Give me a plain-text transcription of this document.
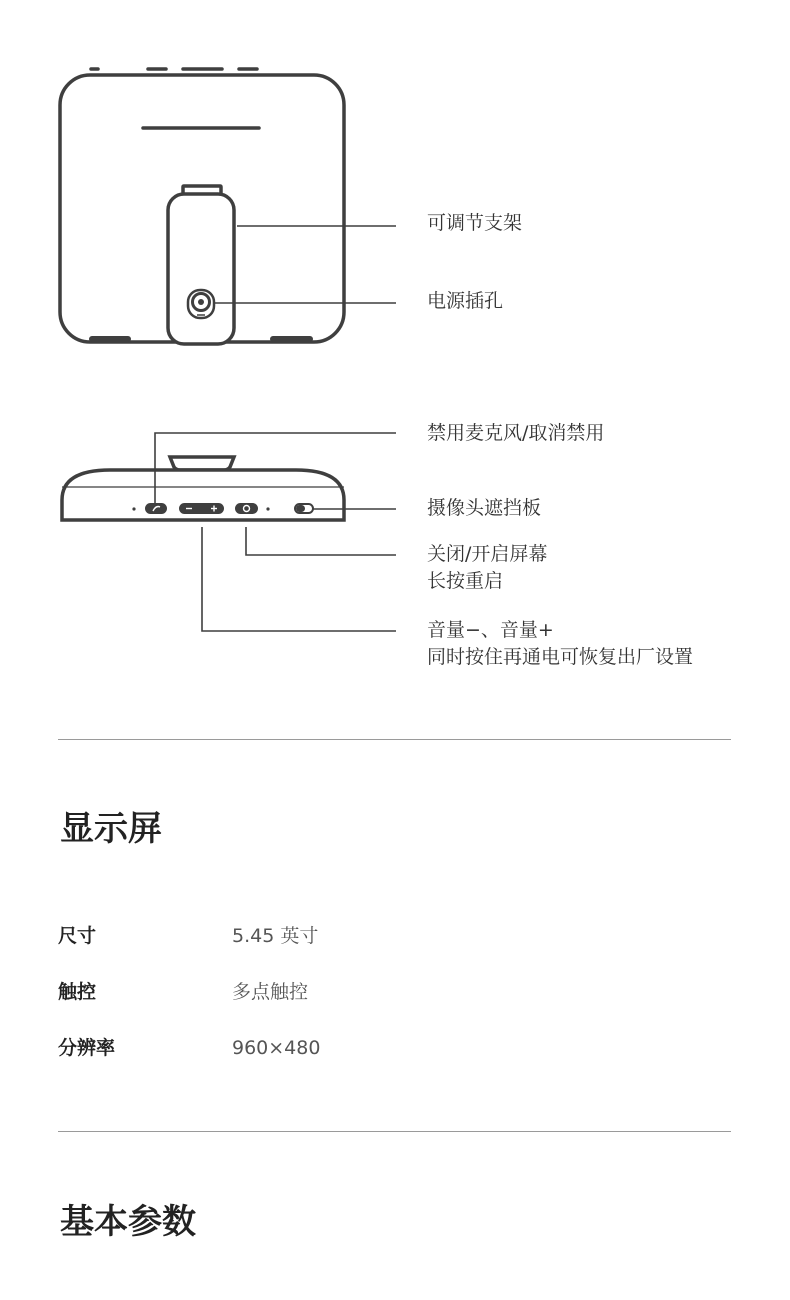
可调节支架
电源插孔
禁用麦克风/取消禁用
摄像头遮挡板
关闭/开启屏幕
长按重启
音量−、音量+
同时按住再通电可恢复出厂设置
显示屏
尺寸	5.45 英寸
触控	多点触控
分辨率	960×480
基本参数
